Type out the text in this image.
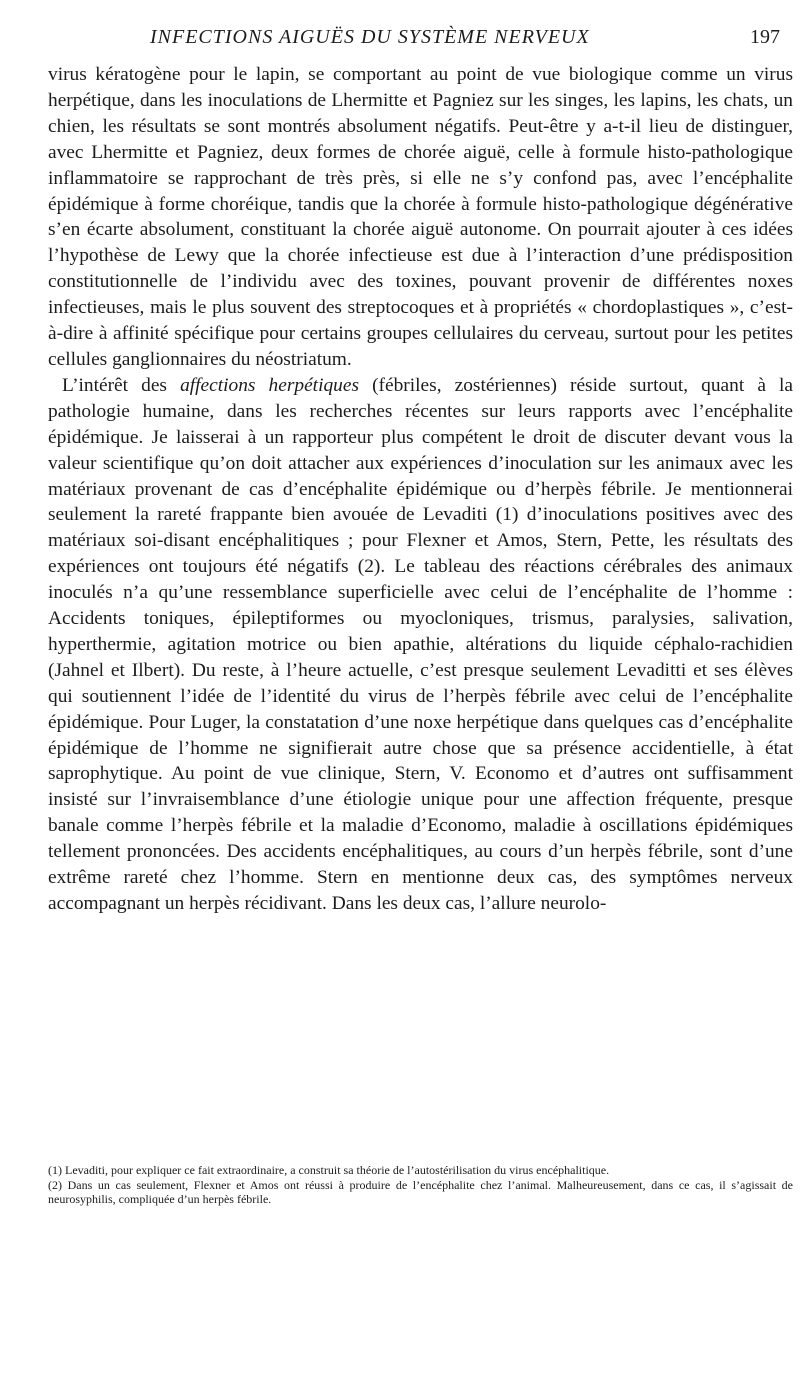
INFECTIONS AIGUËS DU SYSTÈME NERVEUX	197

virus kératogène pour le lapin, se comportant au point de vue biologique comme un virus herpétique, dans les inoculations de Lhermitte et Pagniez sur les singes, les lapins, les chats, un chien, les résultats se sont montrés absolument négatifs. Peut-être y a-t-il lieu de distinguer, avec Lhermitte et Pagniez, deux formes de chorée aiguë, celle à formule histo-pathologique inflammatoire se rapprochant de très près, si elle ne s’y confond pas, avec l’encéphalite épidémique à forme choréique, tandis que la chorée à formule histo-pathologique dégénérative s’en écarte absolument, constituant la chorée aiguë autonome. On pourrait ajouter à ces idées l’hypothèse de Lewy que la chorée infectieuse est due à l’interaction d’une prédisposition constitutionnelle de l’individu avec des toxines, pouvant provenir de différentes noxes infectieuses, mais le plus souvent des streptocoques et à propriétés « chordoplastiques », c’est-à-dire à affinité spécifique pour certains groupes cellulaires du cerveau, surtout pour les petites cellules ganglionnaires du néostriatum.

L’intérêt des affections herpétiques (fébriles, zostériennes) réside surtout, quant à la pathologie humaine, dans les recherches récentes sur leurs rapports avec l’encéphalite épidémique. Je laisserai à un rapporteur plus compétent le droit de discuter devant vous la valeur scientifique qu’on doit attacher aux expériences d’inoculation sur les animaux avec les matériaux provenant de cas d’encéphalite épidémique ou d’herpès fébrile. Je mentionnerai seulement la rareté frappante bien avouée de Levaditi (1) d’inoculations positives avec des matériaux soi-disant encéphalitiques ; pour Flexner et Amos, Stern, Pette, les résultats des expériences ont toujours été négatifs (2). Le tableau des réactions cérébrales des animaux inoculés n’a qu’une ressemblance superficielle avec celui de l’encéphalite de l’homme : Accidents toniques, épileptiformes ou myocloniques, trismus, paralysies, salivation, hyperthermie, agitation motrice ou bien apathie, altérations du liquide céphalo-rachidien (Jahnel et Ilbert). Du reste, à l’heure actuelle, c’est presque seulement Levaditti et ses élèves qui soutiennent l’idée de l’identité du virus de l’herpès fébrile avec celui de l’encéphalite épidémique. Pour Luger, la constatation d’une noxe herpétique dans quelques cas d’encéphalite épidémique de l’homme ne signifierait autre chose que sa présence accidentielle, à état saprophytique. Au point de vue clinique, Stern, V. Economo et d’autres ont suffisamment insisté sur l’invraisemblance d’une étiologie unique pour une affection fréquente, presque banale comme l’herpès fébrile et la maladie d’Economo, maladie à oscillations épidémiques tellement prononcées. Des accidents encéphalitiques, au cours d’un herpès fébrile, sont d’une extrême rareté chez l’homme. Stern en mentionne deux cas, des symptômes nerveux accompagnant un herpès récidivant. Dans les deux cas, l’allure neurolo-

(1) Levaditi, pour expliquer ce fait extraordinaire, a construit sa théorie de l’autostérilisation du virus encéphalitique.

(2) Dans un cas seulement, Flexner et Amos ont réussi à produire de l’encéphalite chez l’animal. Malheureusement, dans ce cas, il s’agissait de neurosyphilis, compliquée d’un herpès fébrile.
